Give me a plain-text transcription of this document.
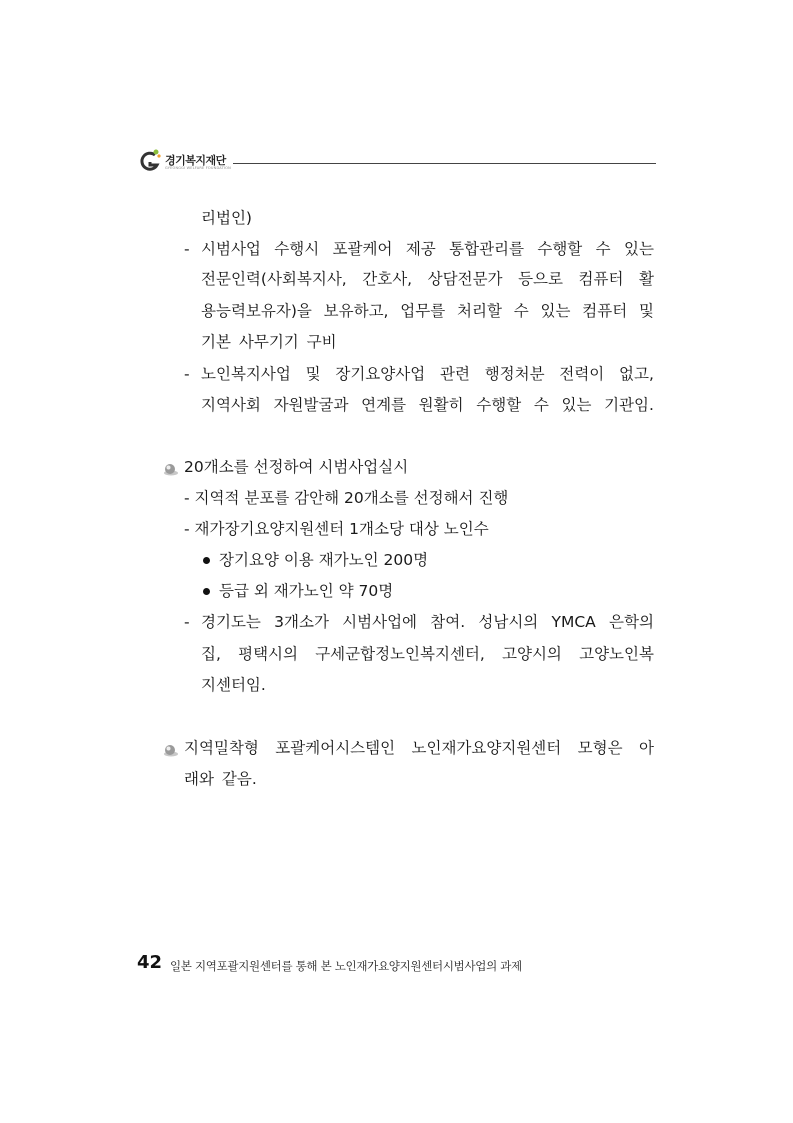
경기복지재단
GYEONGGI WELFARE FOUNDATION
리법인)
- 시범사업 수행시 포괄케어 제공 통합관리를 수행할 수 있는
전문인력(사회복지사, 간호사, 상담전문가 등으로 컴퓨터 활
용능력보유자)을 보유하고, 업무를 처리할 수 있는 컴퓨터 및
기본 사무기기 구비
- 노인복지사업 및 장기요양사업 관련 행정처분 전력이 없고,
지역사회 자원발굴과 연계를 원활히 수행할 수 있는 기관임.
20개소를 선정하여 시범사업실시
- 지역적 분포를 감안해 20개소를 선정해서 진행
- 재가장기요양지원센터 1개소당 대상 노인수
장기요양 이용 재가노인 200명
등급 외 재가노인 약 70명
- 경기도는 3개소가 시범사업에 참여. 성남시의 YMCA 은학의
집, 평택시의 구세군합정노인복지센터, 고양시의 고양노인복
지센터임.
지역밀착형 포괄케어시스템인 노인재가요양지원센터 모형은 아
래와 같음.
42 일본 지역포괄지원센터를 통해 본 노인재가요양지원센터시범사업의 과제
